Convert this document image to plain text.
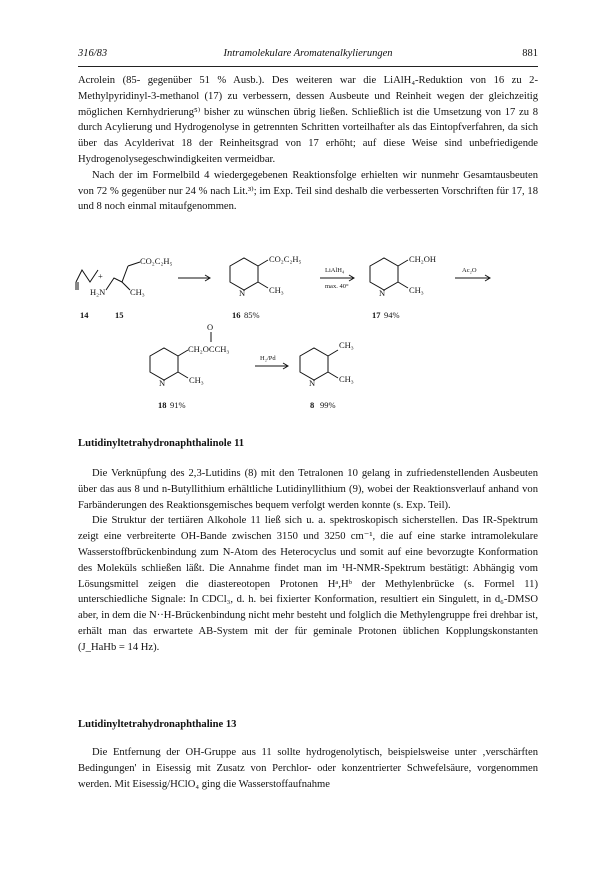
316/83	Intramolekulare Aromatenalkylierungen	881

Acrolein (85- gegenüber 51 % Ausb.). Des weiteren war die LiAlH₄-Reduktion von 16 zu 2-Methylpyridinyl-3-methanol (17) zu verbessern, dessen Ausbeute und Reinheit wegen der gleichzeitig möglichen Kernhydrierung⁵⁾ bisher zu wünschen übrig ließen. Schließlich ist die Umsetzung von 17 zu 8 durch Acylierung und Hydrogenolyse in getrennten Schritten vorteilhafter als das Eintopfverfahren, da sich über das Acylderivat 18 der Reinheitsgrad von 17 erhöht; auf diese Weise sind unbefriedigende Hydrogenolysegeschwindigkeiten vermeidbar.

Nach der im Formelbild 4 wiedergegebenen Reaktionsfolge erhielten wir nunmehr Gesamtausbeuten von 72 % gegenüber nur 24 % nach Lit.³⁾; im Exp. Teil sind deshalb die verbesserten Vorschriften für 17, 18 und 8 noch einmal mitaufgenommen.

+
CO₂C₂H₅
H₂N	CH₃
CO₂C₂H₅
N	CH₃
LiAlH₄
max. 40°
CH₂OH
N	CH₃
Ac₂O
O
CH₂OCCH₃
N	CH₃
H₂/Pd
CH₃
N	CH₃
14	15	16 85%	17 94%
18 91%	8 99%
Lutidinyltetrahydronaphthalinole 11

Die Verknüpfung des 2,3-Lutidins (8) mit den Tetralonen 10 gelang in zufriedenstellenden Ausbeuten über das aus 8 und n-Butyllithium erhältliche Lutidinyllithium (9), wobei der Reaktionsverlauf anhand von Farbänderungen des Reaktionsgemisches bequem verfolgt werden konnte (s. Exp. Teil).

Die Struktur der tertiären Alkohole 11 ließ sich u. a. spektroskopisch sicherstellen. Das IR-Spektrum zeigt eine verbreiterte OH-Bande zwischen 3150 und 3250 cm⁻¹, die auf eine starke intramolekulare Wasserstoffbrückenbindung zum N-Atom des Heterocyclus und somit auf eine bevorzugte Konformation des Moleküls schließen läßt. Die Annahme findet man im ¹H-NMR-Spektrum bestätigt: Abhängig vom Lösungsmittel zeigen die diastereotopen Protonen Hᵃ,Hᵇ der Methylenbrücke (s. Formel 11) unterschiedliche Signale: In CDCl₃, d. h. bei fixierter Konformation, resultiert ein Singulett, in d₆-DMSO aber, in dem die N··H-Brückenbindung nicht mehr besteht und folglich die Methylengruppe frei drehbar ist, erhält man das erwartete AB-System mit der für geminale Protonen üblichen Kopplungskonstanten (J_HaHb = 14 Hz).

Lutidinyltetrahydronaphthaline 13

Die Entfernung der OH-Gruppe aus 11 sollte hydrogenolytisch, beispielsweise unter ‚verschärften Bedingungen' in Eisessig mit Zusatz von Perchlor- oder konzentrierter Schwefelsäure, vorgenommen werden. Mit Eisessig/HClO₄ ging die Wasserstoffaufnahme
